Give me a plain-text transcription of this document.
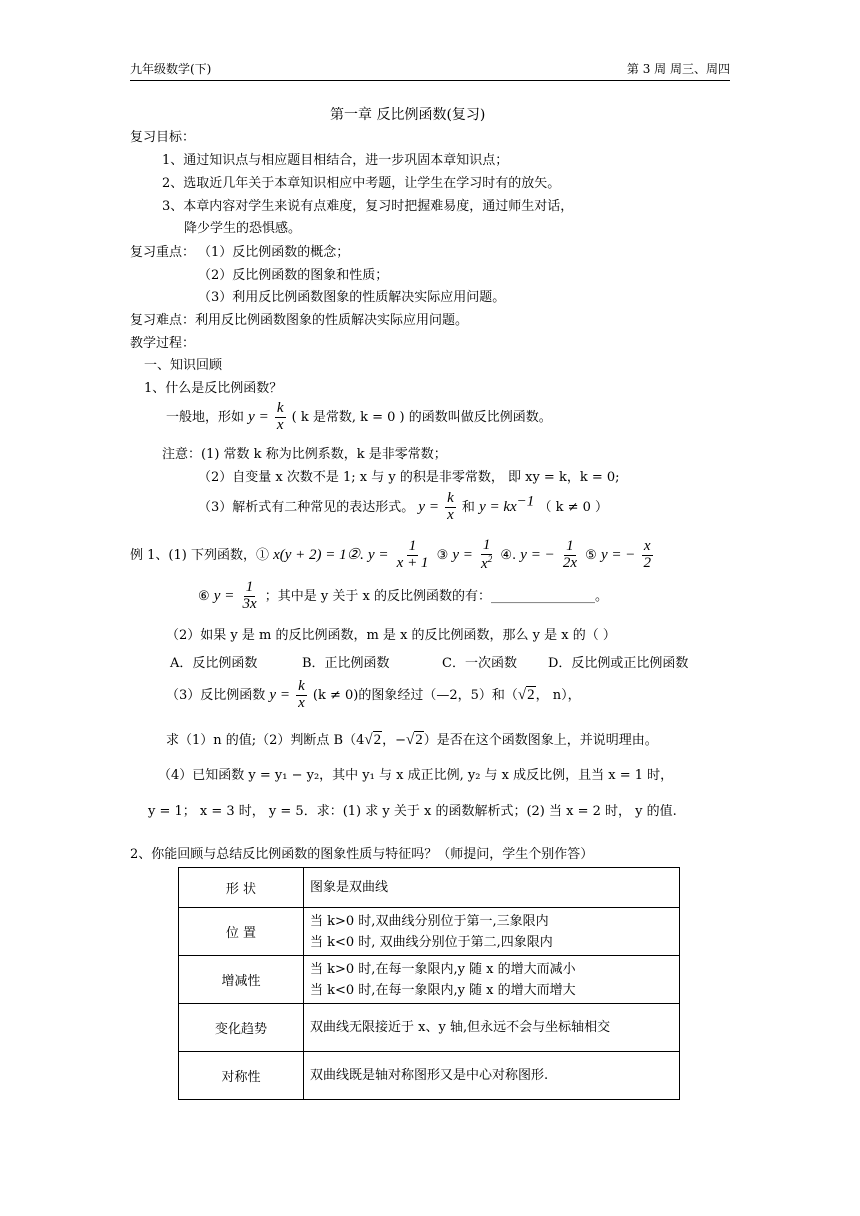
九年级数学(下)	第 3 周 周三、周四
第一章 反比例函数(复习)
复习目标：
1、通过知识点与相应题目相结合，进一步巩固本章知识点；
2、选取近几年关于本章知识相应中考题，让学生在学习时有的放矢。
3、本章内容对学生来说有点难度，复习时把握难易度，通过师生对话，
降少学生的恐惧感。
复习重点： （1）反比例函数的概念；
（2）反比例函数的图象和性质；
（3）利用反比例函数图象的性质解决实际应用问题。
复习难点：利用反比例函数图象的性质解决实际应用问题。
教学过程：
一、知识回顾
1、什么是反比例函数？
一般地，形如 $y = \frac{k}{x}$ ( k 是常数, k = 0 ) 的函数叫做反比例函数。
注意：(1) 常数 k 称为比例系数，k 是非零常数；
（2）自变量 x 次数不是 1; x 与 y 的积是非零常数， 即 xy = k，k = 0;
（3）解析式有二种常见的表达形式。 $y = \frac{k}{x}$ 和 $y = kx^{-1}$ （ k ≠ 0 ）
例 1、(1) 下列函数，① x(y + 2) = 1②. $y = \frac{1}{x + 1}$ ③ $y = \frac{1}{x^2}$ ④. y = − $\frac{1}{2x}$ ⑤ y = − $\frac{x}{2}$
⑥ $y = \frac{1}{3x}$ ；其中是 y 关于 x 的反比例函数的有：________________。
（2）如果 y 是 m 的反比例函数，m 是 x 的反比例函数，那么 y 是 x 的（ ）
A．反比例函数	B．正比例函数	C．一次函数 D．反比例或正比例函数
（3）反比例函数 $y = \frac{k}{x} (k \ne 0)$的图象经过（—2，5）和（√2， n），
求（1）n 的值;（2）判断点 B（4√2，−√2）是否在这个函数图象上，并说明理由。
（4）已知函数 y = y₁ − y₂，其中 y₁ 与 x 成正比例, y₂ 与 x 成反比例，且当 x = 1 时，
y = 1； x = 3 时， y = 5．求：(1) 求 y 关于 x 的函数解析式；(2) 当 x = 2 时， y 的值.
2、你能回顾与总结反比例函数的图象性质与特征吗？（师提问，学生个别作答）
形 状	图象是双曲线

位 置	当 k>0 时,双曲线分别位于第一,三象限内
当 k<0 时, 双曲线分别位于第二,四象限内

增减性	当 k>0 时,在每一象限内,y 随 x 的增大而减小
当 k<0 时,在每一象限内,y 随 x 的增大而增大

变化趋势	双曲线无限接近于 x、y 轴,但永远不会与坐标轴相交

对称性	双曲线既是轴对称图形又是中心对称图形.
